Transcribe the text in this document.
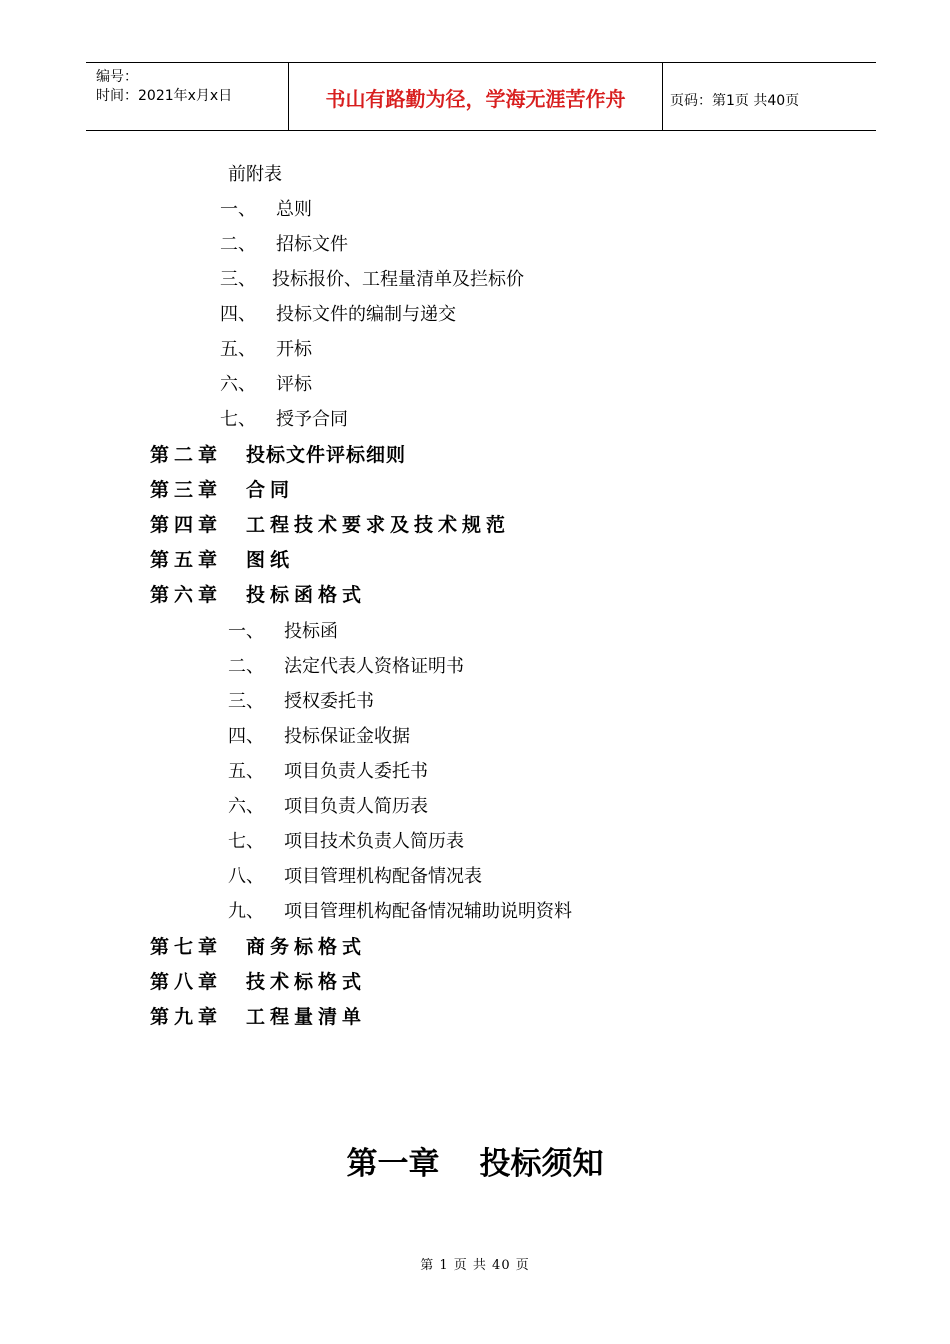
编号：
时间：2021年x月x日	书山有路勤为径，学海无涯苦作舟	页码：第1页 共40页
前附表
一、 总则
二、 招标文件
三、 投标报价、工程量清单及拦标价
四、 投标文件的编制与递交
五、 开标
六、 评标
七、 授予合同
第二章 投标文件评标细则
第三章 合同
第四章 工程技术要求及技术规范
第五章 图纸
第六章 投标函格式
一、 投标函
二、 法定代表人资格证明书
三、 授权委托书
四、 投标保证金收据
五、 项目负责人委托书
六、 项目负责人简历表
七、 项目技术负责人简历表
八、 项目管理机构配备情况表
九、 项目管理机构配备情况辅助说明资料
第七章 商务标格式
第八章 技术标格式
第九章 工程量清单
第一章 投标须知
第 1 页 共 40 页
